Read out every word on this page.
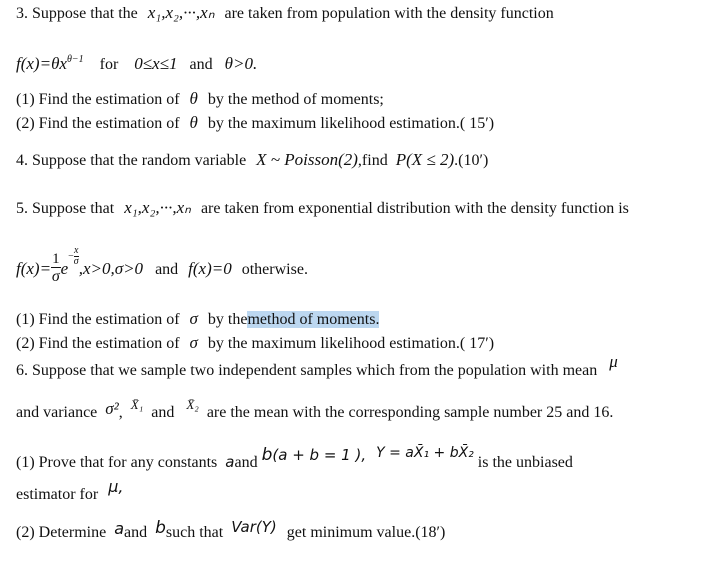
3. Suppose that the x₁,x₂,···,xₙ are taken from population with the density function
$f(x)=\theta x^{\theta-1}$ for 0≤x≤1 and θ>0.
(1) Find the estimation of θ by the method of moments;
(2) Find the estimation of θ by the maximum likelihood estimation.( 15′)
4. Suppose that the random variable X ~ Poisson(2),find P(X ≤ 2).(10′)
5. Suppose that x₁,x₂,···,xₙ are taken from exponential distribution with the density function is
$f(x)= \frac{1}{\sigma} e- \frac{x}{\sigma}$
,x>0,σ>0 and f(x)=0 otherwise.
(1) Find the estimation of σ by themethod of moments.
(2) Find the estimation of σ by the maximum likelihood estimation.( 17′)
6. Suppose that we sample two independent samples which from the population with mean μ
and variance σ², $^{X̄_1}$ and $^{X̄_2}$ are the mean with the corresponding sample number 25 and 16.
(1) Prove that for any constants aand b(a + b = 1 ), Y = aX̄₁ + bX̄₂ is the unbiased
estimator for μ,
(2) Determine aand bsuch that Var(Y) get minimum value.(18′)
